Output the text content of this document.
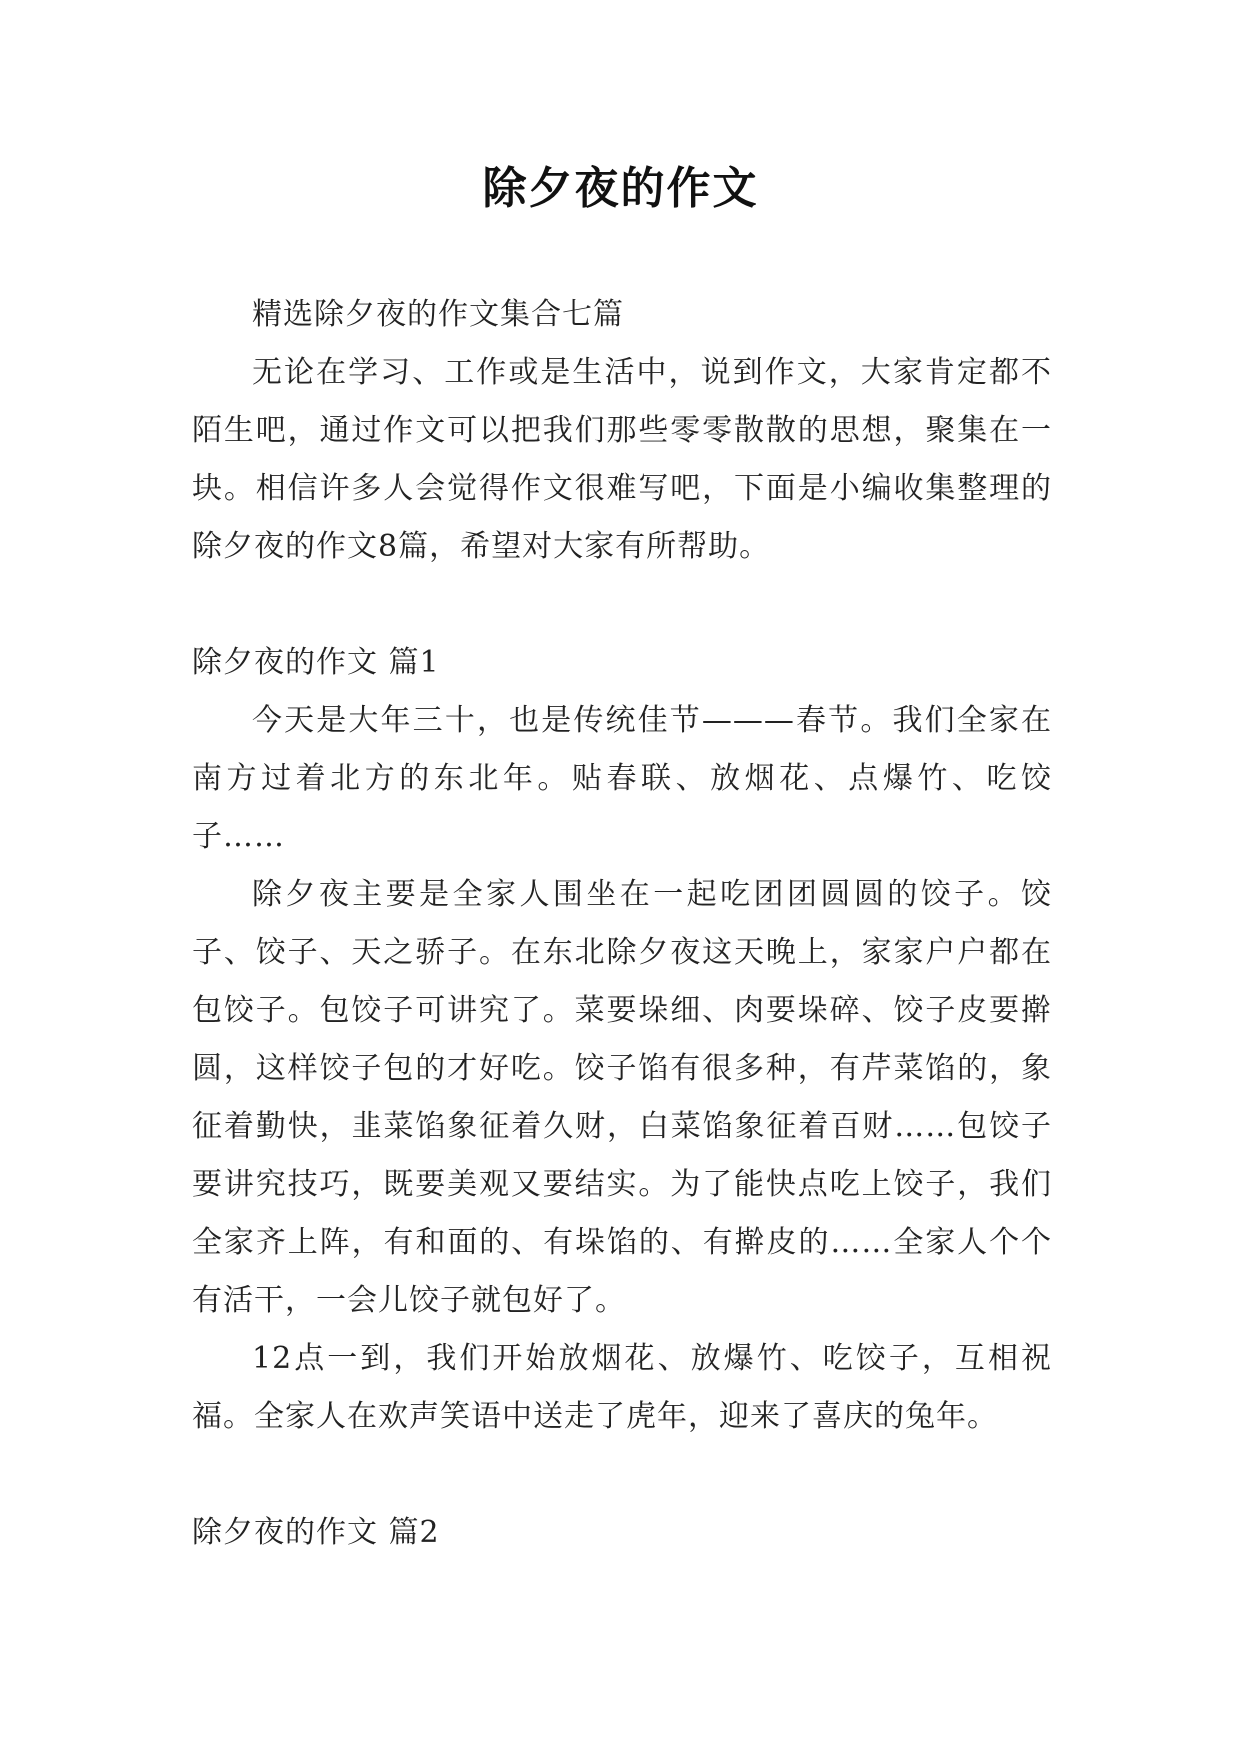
除夕夜的作文

精选除夕夜的作文集合七篇

无论在学习、工作或是生活中，说到作文，大家肯定都不陌生吧，通过作文可以把我们那些零零散散的思想，聚集在一块。相信许多人会觉得作文很难写吧，下面是小编收集整理的除夕夜的作文8篇，希望对大家有所帮助。

除夕夜的作文 篇1

今天是大年三十，也是传统佳节———春节。我们全家在南方过着北方的东北年。贴春联、放烟花、点爆竹、吃饺子……

除夕夜主要是全家人围坐在一起吃团团圆圆的饺子。饺子、饺子、天之骄子。在东北除夕夜这天晚上，家家户户都在包饺子。包饺子可讲究了。菜要垛细、肉要垛碎、饺子皮要擀圆，这样饺子包的才好吃。饺子馅有很多种，有芹菜馅的，象征着勤快，韭菜馅象征着久财，白菜馅象征着百财……包饺子要讲究技巧，既要美观又要结实。为了能快点吃上饺子，我们全家齐上阵，有和面的、有垛馅的、有擀皮的……全家人个个有活干，一会儿饺子就包好了。

12点一到，我们开始放烟花、放爆竹、吃饺子，互相祝福。全家人在欢声笑语中送走了虎年，迎来了喜庆的兔年。

除夕夜的作文 篇2
